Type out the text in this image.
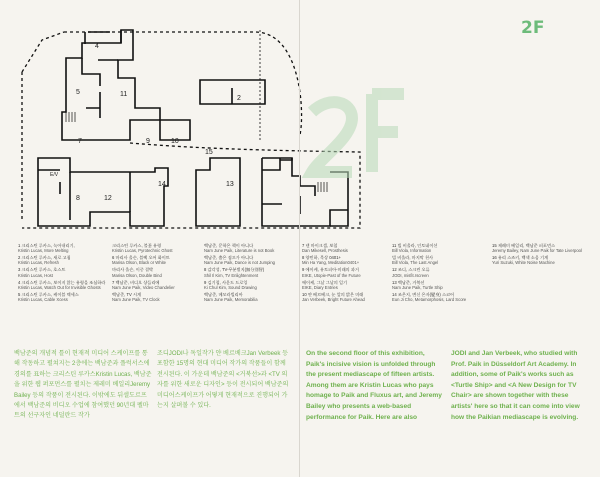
4
5	11
2
9	10
7
15
12
8
13
14
E/V
2F
1 크리스틴 루카스, 녹아내리기,
Kristin Lucas, More Melting
2 크리스틴 루카스, 새로 고침
Kristin Lucas, Refresh
3 크리스틴 루카스, 호스트
Kristin Lucas, Host
4 크리스틴 루카스, 보이지 않는 유령을 조심하라
Kristin Lucas, Watch Out for Invisible Ghosts
5 크리스틴 루카스, 케이블 엑세스
Kristin Lucas, Cable Xcess
크리스틴 루카스, 불꽃 유령
Kristin Lucas, Pyrotechnic Ghost
6 마리사 올슨, 블랙 오어 화이트
Marisa Olson, Black or White
마리사 올슨, 이중 결박
Marisa Olson, Double Bind
7 백남준, 비디오 샹들리에
Nam June Paik, Video Chandelier
백남준, TV 시계
Nam June Paik, TV Clock
백남준, 문학은 책이 아니다
Nam June Paik, Literature is not Book
백남준, 춤은 점프가 아니다
Nam June Paik, Dance is not Jumping
8 감각성, TV-무분별지(無分別智)
Shil Il Kim, TV Enlightenment
9 김기철, 사운드 드로잉
Ki Chul Kim, Sound Drawing
백남준, 메모라빌리아
Nam June Paik, Memorabilia
7 댄 마이크셀, 보철
Dan Mikesell, Prosthesis
8 양민하, 묵상 0401+
Min Ha Yang, Meditation0401+
9 에이케, 유토피아-미래의 과거
EIKE, Utopie-Past of the Future
에이케, 그날 그날의 일기
EIKE, Diary Entries
10 얀 베르베크, 눈 앞의 밝은 미래
Jan Verbeek, Bright Future Ahead
11 빌 비올라, 인토네이션
Bill Viola, Information
빌 비올라, 마지막 천사
Bill Viola, The Last Angel
12 조디, 스크린 오류
JODI, misfit.rscreen
13 백남준, 거북선
Nam June Paik, Turtle Ship
14 조은지, 변신 은자(變身) 스코어
Eun Ji Cho, Metamorphosis, Lard Score
15 제레미 베일리, 백남준 퍼포먼스
Jeremy Bailey, Nam June Paik for Tate Liverpool
16 유리 스즈키, 백색 소음 기계
Yuri Suzuki, White Noise Machine
백남준의 개념적 틀이 현재적 미디어 스케이프를 통해 작동하고 펼쳐지는 2층에는 백남준과 플럭서스에 경의를 표하는 크리스틴 루카스Kristin Lucas, 백남준을 위한 웹 퍼포먼스를 펼치는 제레미 베일리Jeremy Bailey 등의 작품이 전시된다. 이밖에도 뒤셀도르프에서 백남준의 비디오 수업에 참여했던 90년대 펠마트의 선구자인 네덜란드 작가
조디JODI나 독일작가 얀 베르베크Jan Verbeek 등 포함한 15명의 현대 미디어 작가의 작품들이 함께 전시된다. 이 가운데 백남준의 <거북선>과 <TV 의자를 위한 새로운 디자인> 등이 전시되어 백남준의 미디어스케이프가 어떻게 현재적으로 진행되어 가는지 살펴볼 수 있다.
On the second floor of this exhibition, Paik's incisive vision is unfolded through the present mediascape of fifteen artists. Among them are Kristin Lucas who pays homage to Paik and Fluxus art, and Jeremy Bailey who presents a web-based performance for Paik. Here are also
JODI and Jan Verbeek, who studied with Prof. Paik in Düsseldorf Art Academy. In addition, some of Paik's works such as <Turtle Ship> and <A New Design for TV Chair> are shown together with these artists' here so that it can come into view how the Paikian mediascape is evolving.
